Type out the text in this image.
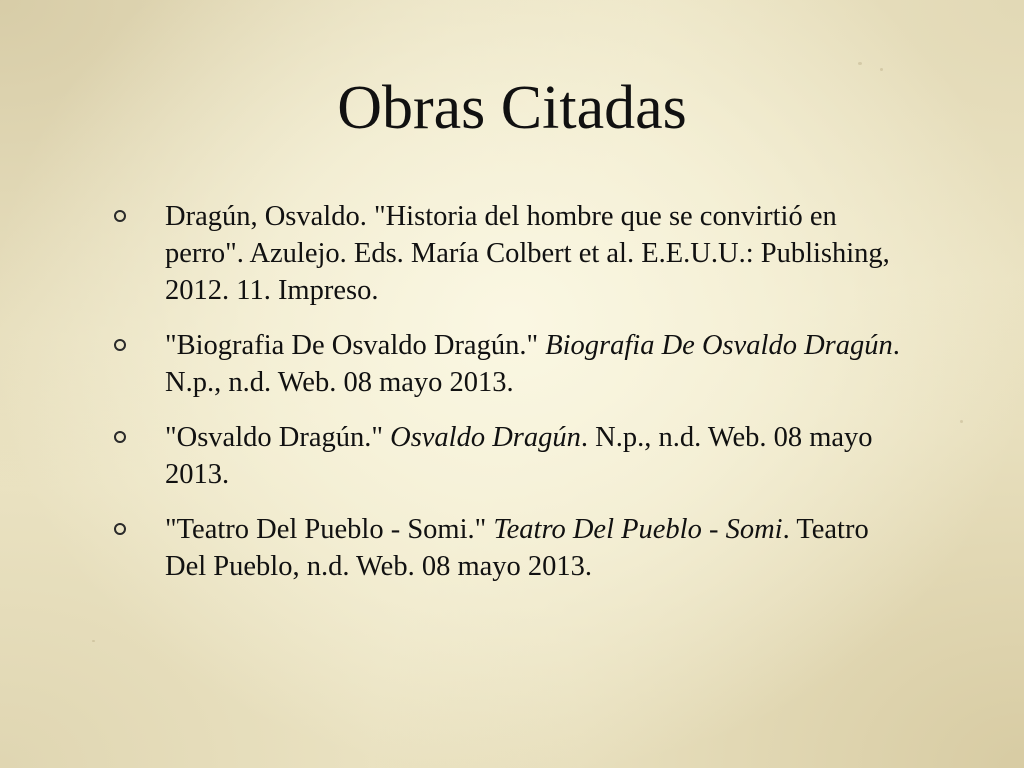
Obras Citadas
Dragún, Osvaldo. "Historia del hombre que se convirtió en perro". Azulejo. Eds. María Colbert et al. E.E.U.U.: Publishing, 2012. 11. Impreso.
"Biografia De Osvaldo Dragún." Biografia De Osvaldo Dragún. N.p., n.d. Web. 08 mayo 2013.
"Osvaldo Dragún." Osvaldo Dragún. N.p., n.d. Web. 08 mayo 2013.
"Teatro Del Pueblo - Somi." Teatro Del Pueblo - Somi. Teatro Del Pueblo, n.d. Web. 08 mayo 2013.
